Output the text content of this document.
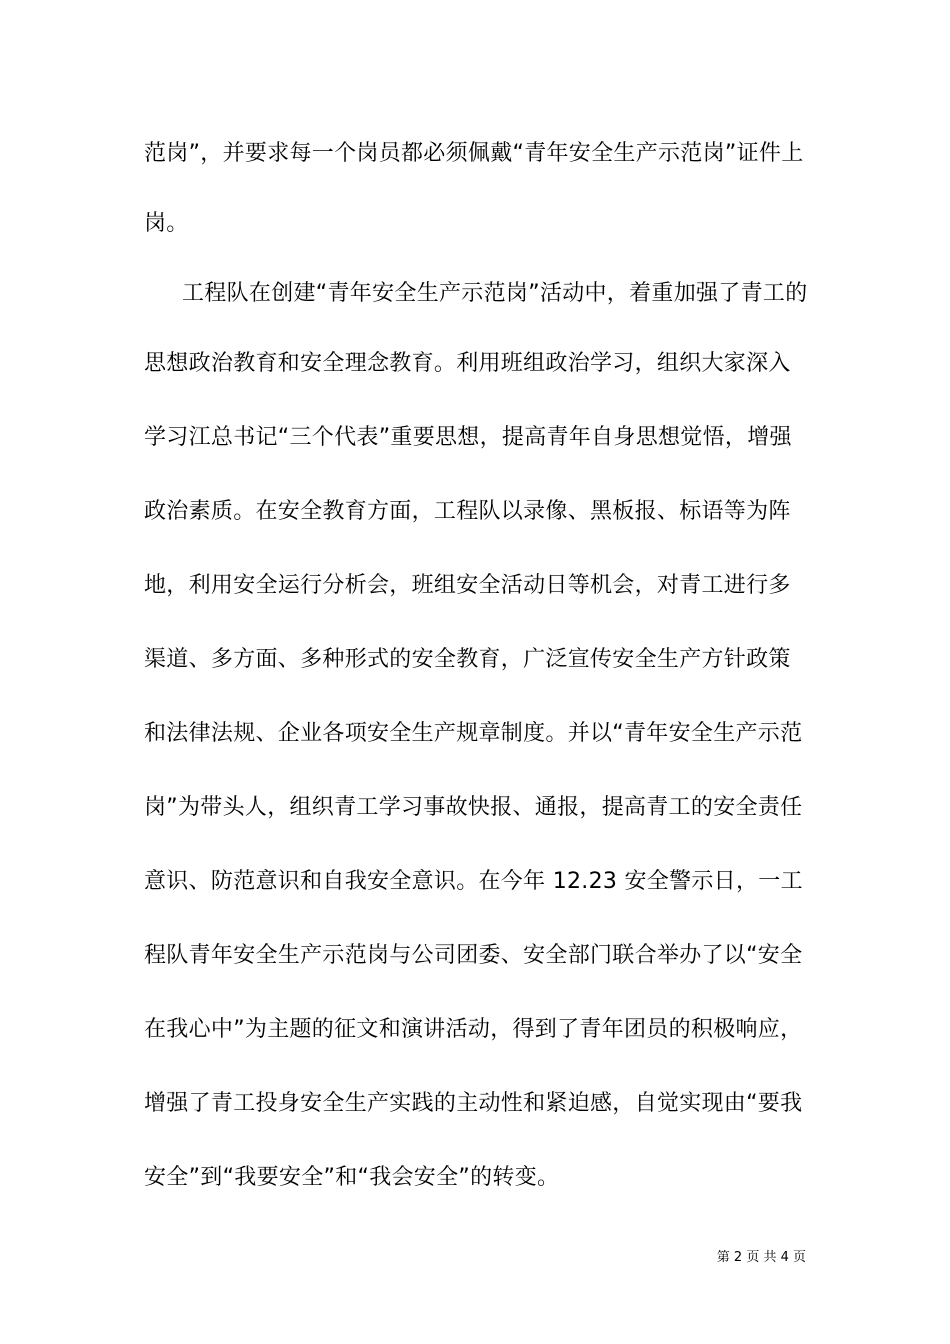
范岗”，并要求每一个岗员都必须佩戴“青年安全生产示范岗”证件上
岗。
工程队在创建“青年安全生产示范岗”活动中，着重加强了青工的
思想政治教育和安全理念教育。利用班组政治学习，组织大家深入
学习江总书记“三个代表”重要思想，提高青年自身思想觉悟，增强
政治素质。在安全教育方面，工程队以录像、黑板报、标语等为阵
地，利用安全运行分析会，班组安全活动日等机会，对青工进行多
渠道、多方面、多种形式的安全教育，广泛宣传安全生产方针政策
和法律法规、企业各项安全生产规章制度。并以“青年安全生产示范
岗”为带头人，组织青工学习事故快报、通报，提高青工的安全责任
意识、防范意识和自我安全意识。在今年 12.23 安全警示日，一工
程队青年安全生产示范岗与公司团委、安全部门联合举办了以“安全
在我心中”为主题的征文和演讲活动，得到了青年团员的积极响应，
增强了青工投身安全生产实践的主动性和紧迫感，自觉实现由“要我
安全”到“我要安全”和“我会安全”的转变。
第 2 页 共 4 页
